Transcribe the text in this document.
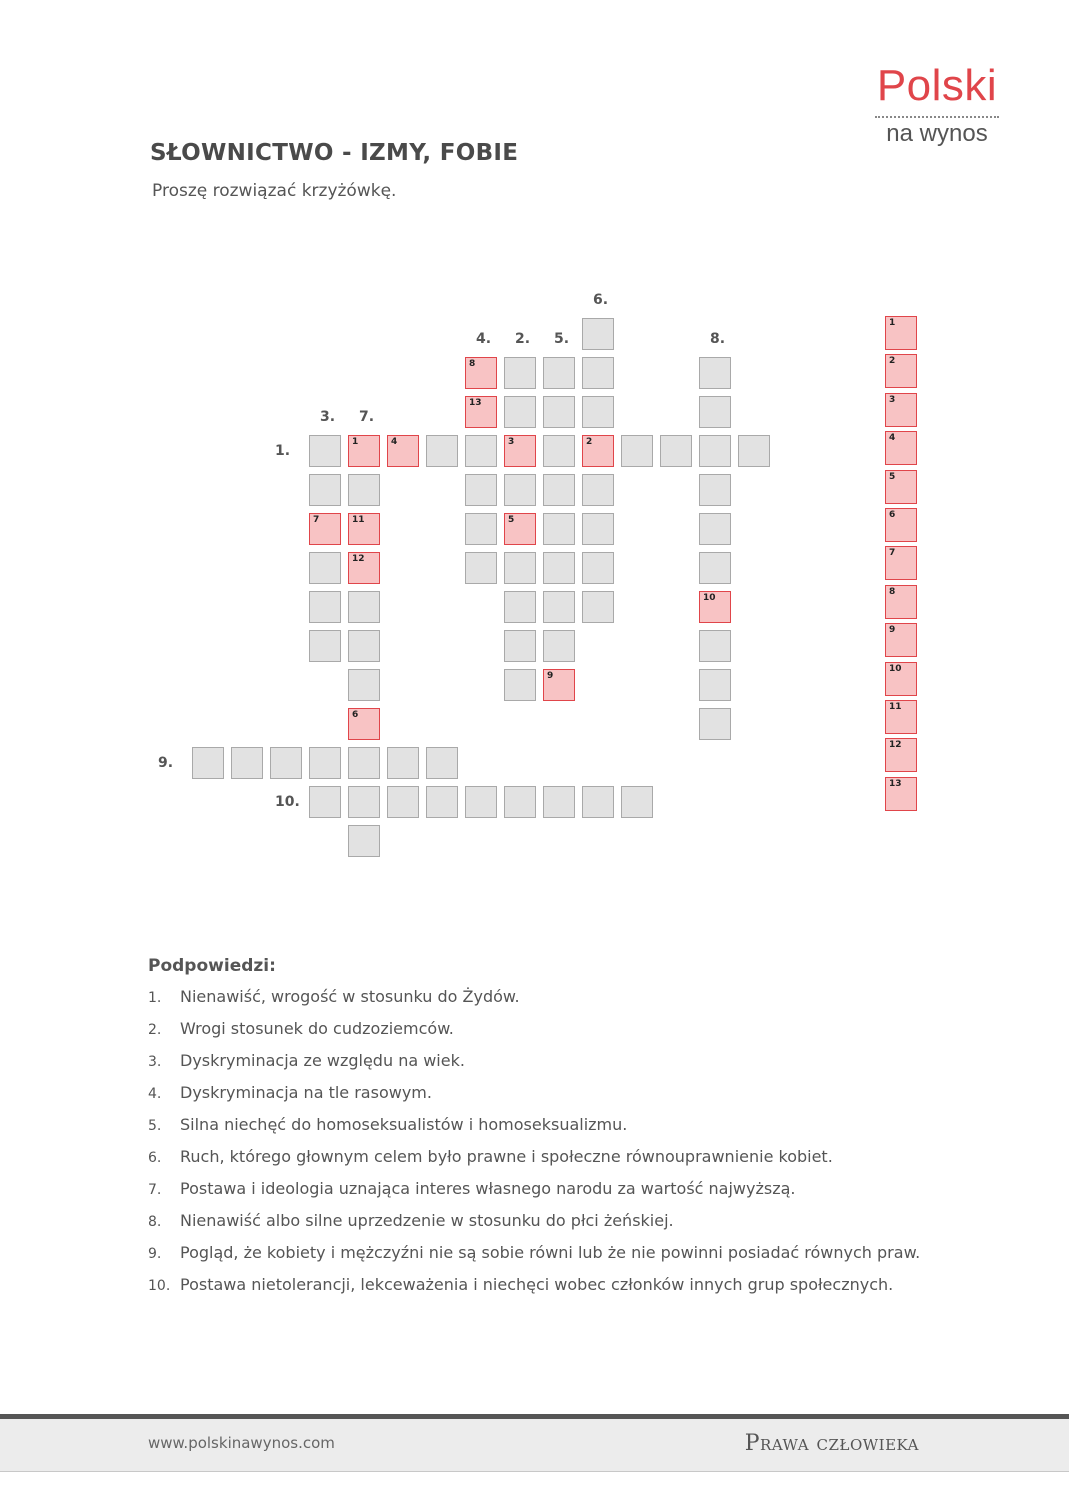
Polski
na wynos
SŁOWNICTWO - IZMY, FOBIE
Proszę rozwiązać krzyżówkę.
1	4	3	2
5
7
8
13
9
11
12
6
10
1.
2.
3.
4.	5.
6.
7.
8.
9.
10.
1
2
3
4
5
6
7
8
9
10
11
12
13
Podpowiedzi:
1. Nienawiść, wrogość w stosunku do Żydów.
2. Wrogi stosunek do cudzoziemców.
3. Dyskryminacja ze względu na wiek.
4. Dyskryminacja na tle rasowym.
5. Silna niechęć do homoseksualistów i homoseksualizmu.
6. Ruch, którego głownym celem było prawne i społeczne równouprawnienie kobiet.
7. Postawa i ideologia uznająca interes własnego narodu za wartość najwyższą.
8. Nienawiść albo silne uprzedzenie w stosunku do płci żeńskiej.
9. Pogląd, że kobiety i mężczyźni nie są sobie równi lub że nie powinni posiadać równych praw.
10. Postawa nietolerancji, lekceważenia i niechęci wobec członków innych grup społecznych.
www.polskinawynos.com	Prawa człowieka
